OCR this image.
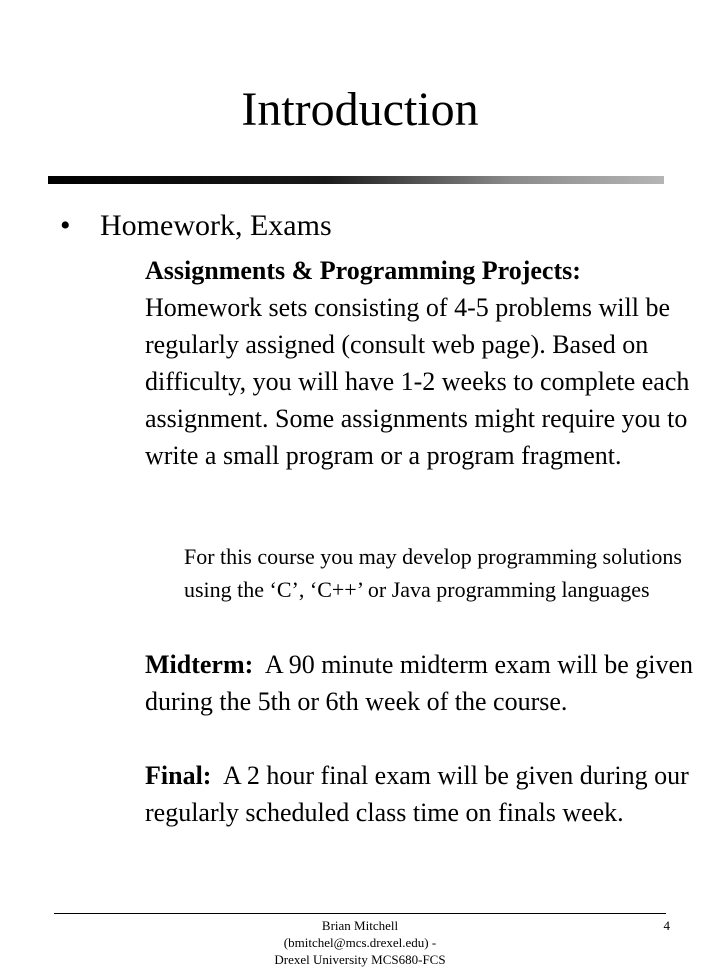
Introduction
• Homework, Exams

Assignments & Programming Projects:
Homework sets consisting of 4-5 problems will be regularly assigned (consult web page). Based on difficulty, you will have 1-2 weeks to complete each assignment. Some assignments might require you to write a small program or a program fragment.

For this course you may develop programming solutions using the ‘C’, ‘C++’ or Java programming languages

Midterm: A 90 minute midterm exam will be given during the 5th or 6th week of the course.

Final: A 2 hour final exam will be given during our regularly scheduled class time on finals week.

Brian Mitchell
(bmitchel@mcs.drexel.edu) -
Drexel University MCS680-FCS
4
